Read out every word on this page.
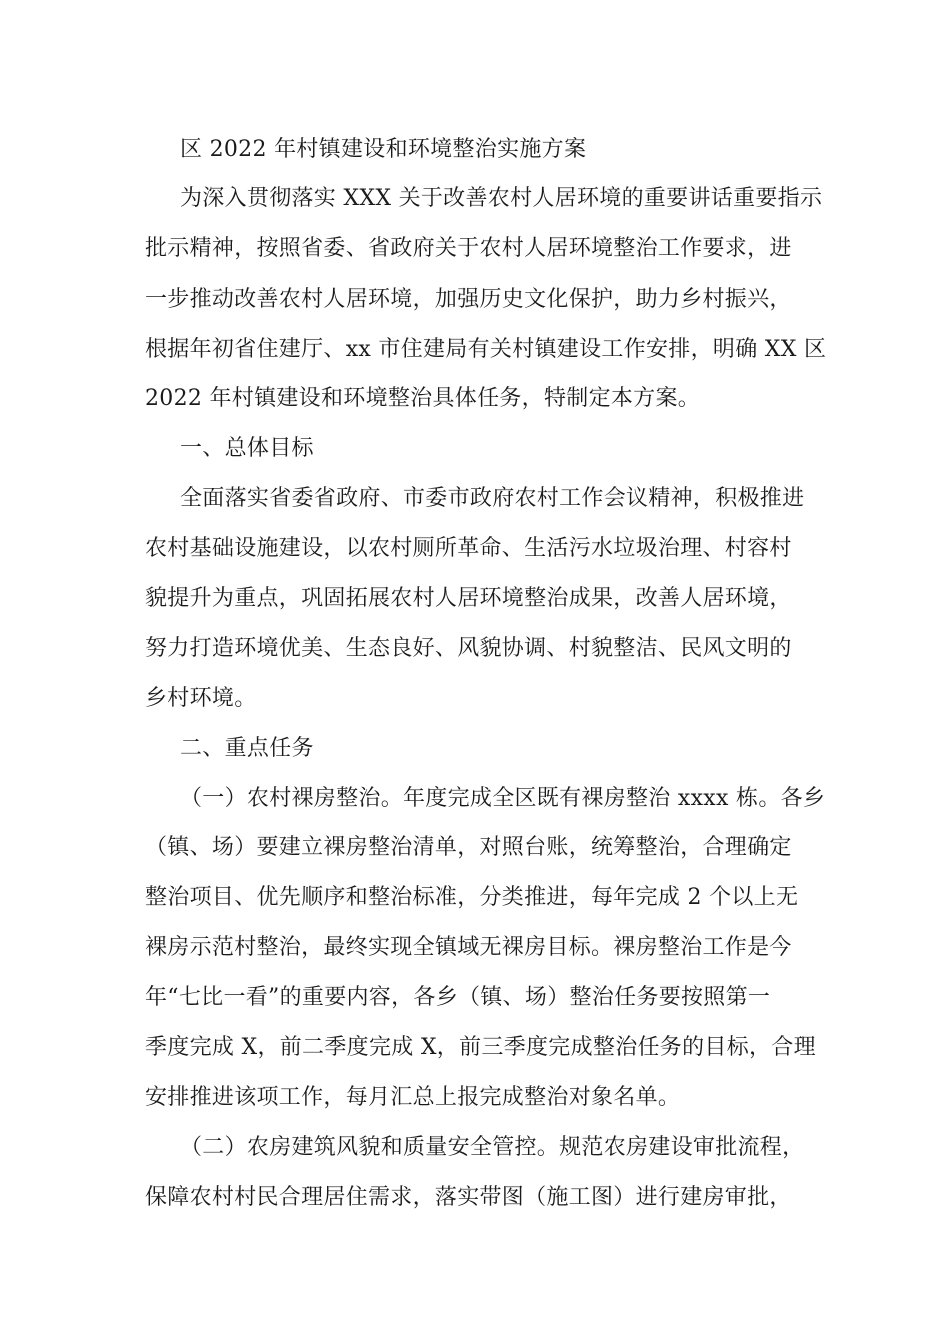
区 2022 年村镇建设和环境整治实施方案
为深入贯彻落实 XXX 关于改善农村人居环境的重要讲话重要指示
批示精神，按照省委、省政府关于农村人居环境整治工作要求，进
一步推动改善农村人居环境，加强历史文化保护，助力乡村振兴，
根据年初省住建厅、xx 市住建局有关村镇建设工作安排，明确 XX 区
2022 年村镇建设和环境整治具体任务，特制定本方案。
一、总体目标
全面落实省委省政府、市委市政府农村工作会议精神，积极推进
农村基础设施建设，以农村厕所革命、生活污水垃圾治理、村容村
貌提升为重点，巩固拓展农村人居环境整治成果，改善人居环境，
努力打造环境优美、生态良好、风貌协调、村貌整洁、民风文明的
乡村环境。
二、重点任务
（一）农村裸房整治。年度完成全区既有裸房整治 xxxx 栋。各乡
（镇、场）要建立裸房整治清单，对照台账，统筹整治，合理确定
整治项目、优先顺序和整治标准，分类推进，每年完成 2 个以上无
裸房示范村整治，最终实现全镇域无裸房目标。裸房整治工作是今
年“七比一看”的重要内容，各乡（镇、场）整治任务要按照第一
季度完成 X，前二季度完成 X，前三季度完成整治任务的目标，合理
安排推进该项工作，每月汇总上报完成整治对象名单。
（二）农房建筑风貌和质量安全管控。规范农房建设审批流程，
保障农村村民合理居住需求，落实带图（施工图）进行建房审批，
